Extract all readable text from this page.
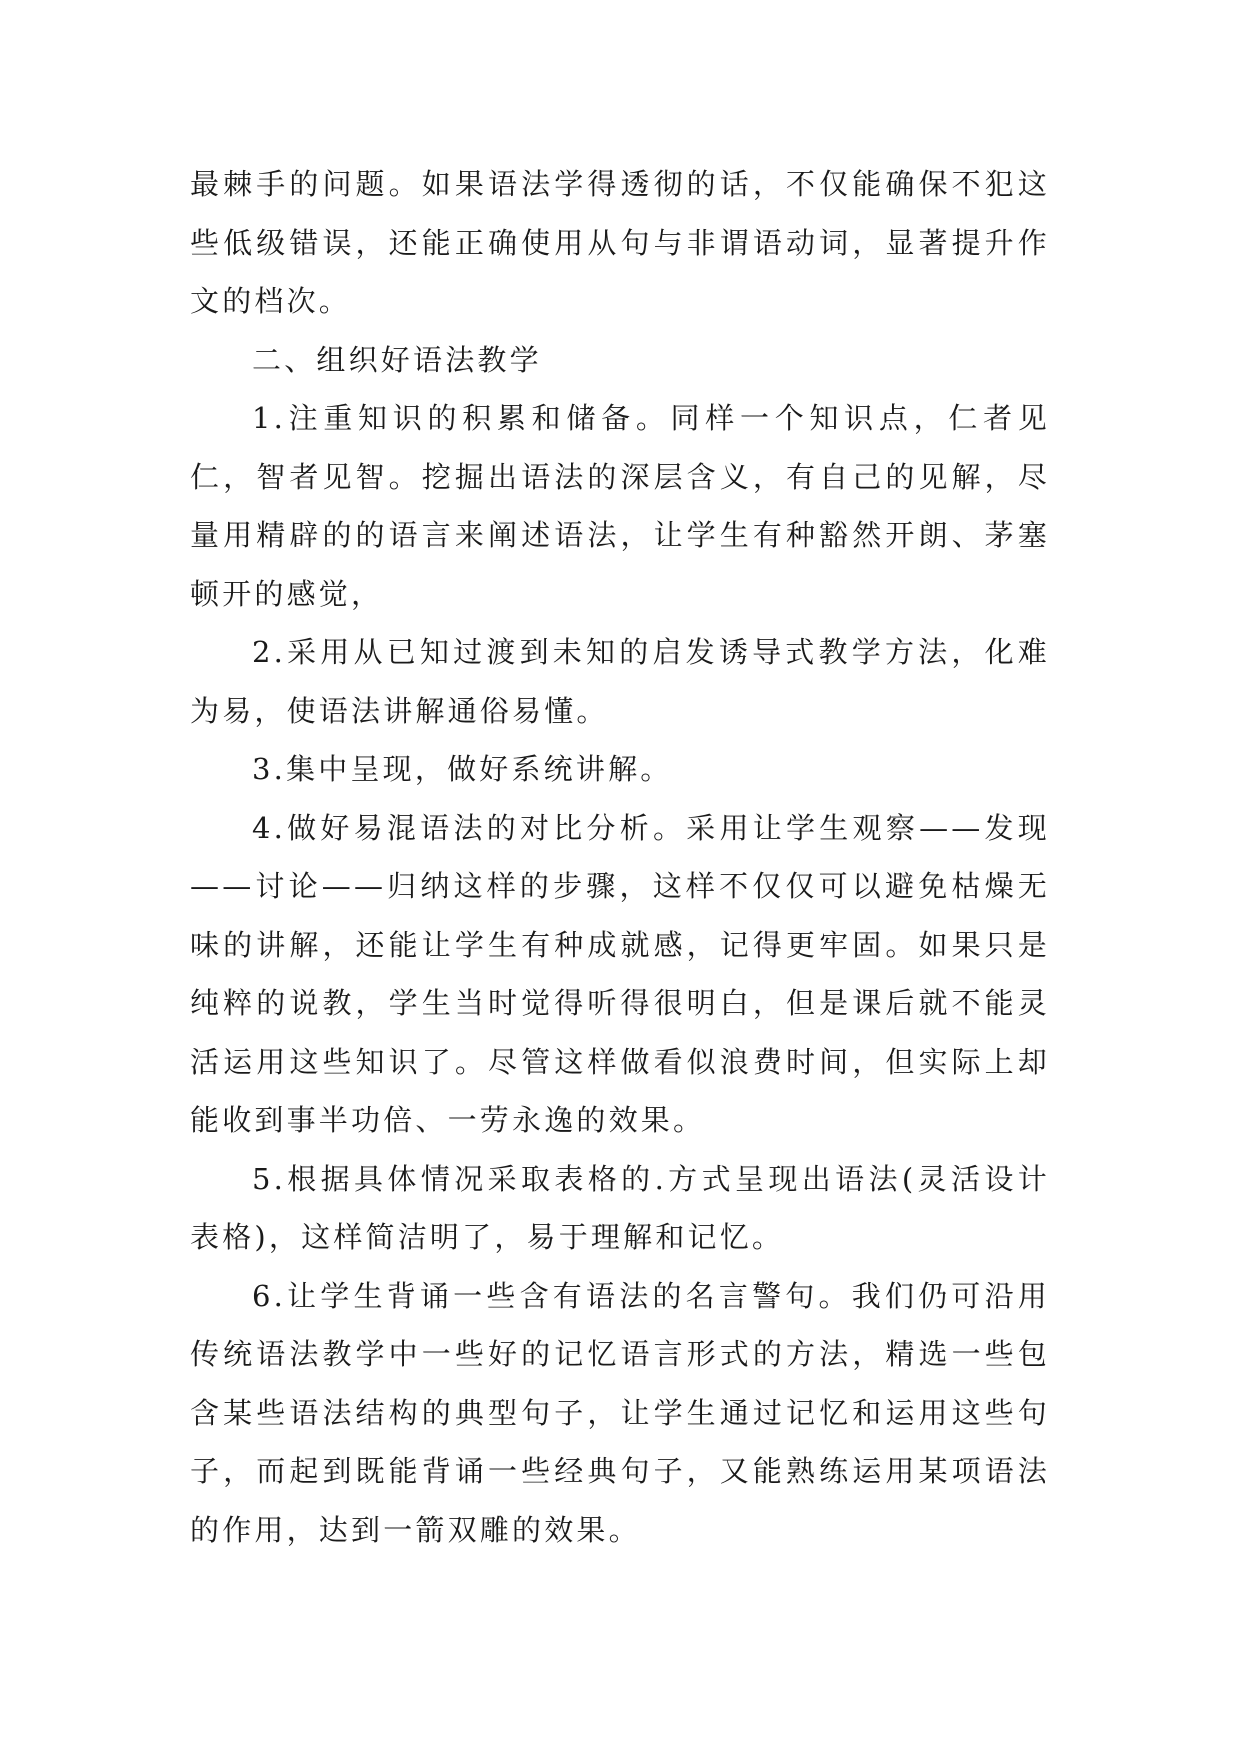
最棘手的问题。如果语法学得透彻的话，不仅能确保不犯这些低级错误，还能正确使用从句与非谓语动词，显著提升作文的档次。

二、组织好语法教学

1.注重知识的积累和储备。同样一个知识点，仁者见仁，智者见智。挖掘出语法的深层含义，有自己的见解，尽量用精辟的的语言来阐述语法，让学生有种豁然开朗、茅塞顿开的感觉，

2.采用从已知过渡到未知的启发诱导式教学方法，化难为易，使语法讲解通俗易懂。

3.集中呈现，做好系统讲解。

4.做好易混语法的对比分析。采用让学生观察——发现——讨论——归纳这样的步骤，这样不仅仅可以避免枯燥无味的讲解，还能让学生有种成就感，记得更牢固。如果只是纯粹的说教，学生当时觉得听得很明白，但是课后就不能灵活运用这些知识了。尽管这样做看似浪费时间，但实际上却能收到事半功倍、一劳永逸的效果。

5.根据具体情况采取表格的.方式呈现出语法(灵活设计表格)，这样简洁明了，易于理解和记忆。

6.让学生背诵一些含有语法的名言警句。我们仍可沿用传统语法教学中一些好的记忆语言形式的方法，精选一些包含某些语法结构的典型句子，让学生通过记忆和运用这些句子，而起到既能背诵一些经典句子，又能熟练运用某项语法的作用，达到一箭双雕的效果。
